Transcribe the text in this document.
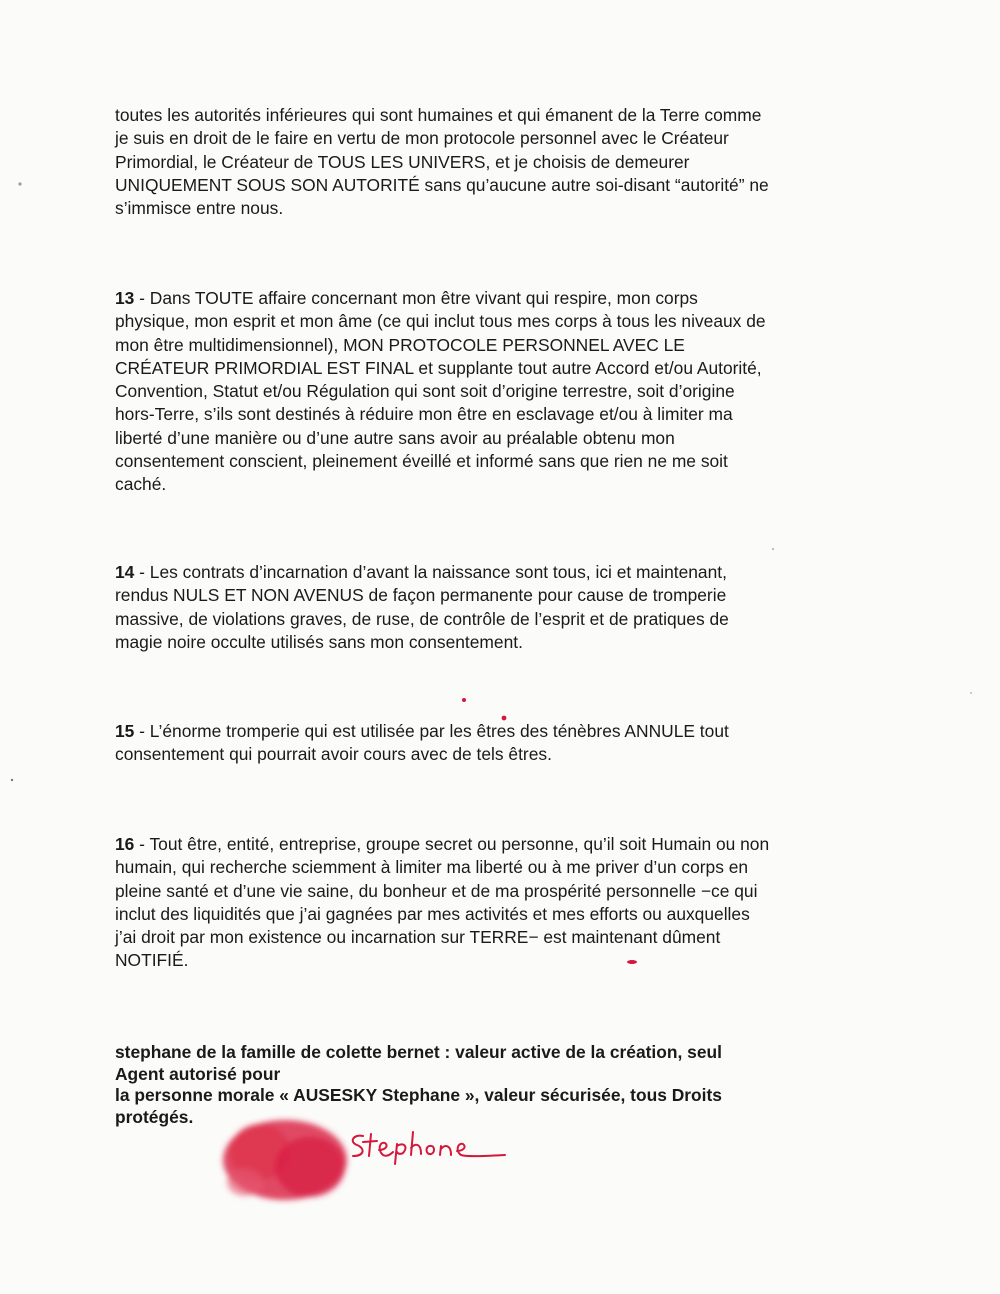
toutes les autorités inférieures qui sont humaines et qui émanent de la Terre comme
je suis en droit de le faire en vertu de mon protocole personnel avec le Créateur
Primordial, le Créateur de TOUS LES UNIVERS, et je choisis de demeurer
UNIQUEMENT SOUS SON AUTORITÉ sans qu’aucune autre soi-disant “autorité” ne
s’immisce entre nous.
13 - Dans TOUTE affaire concernant mon être vivant qui respire, mon corps
physique, mon esprit et mon âme (ce qui inclut tous mes corps à tous les niveaux de
mon être multidimensionnel), MON PROTOCOLE PERSONNEL AVEC LE
CRÉATEUR PRIMORDIAL EST FINAL et supplante tout autre Accord et/ou Autorité,
Convention, Statut et/ou Régulation qui sont soit d’origine terrestre, soit d’origine
hors-Terre, s’ils sont destinés à réduire mon être en esclavage et/ou à limiter ma
liberté d’une manière ou d’une autre sans avoir au préalable obtenu mon
consentement conscient, pleinement éveillé et informé sans que rien ne me soit
caché.
14 - Les contrats d’incarnation d’avant la naissance sont tous, ici et maintenant,
rendus NULS ET NON AVENUS de façon permanente pour cause de tromperie
massive, de violations graves, de ruse, de contrôle de l’esprit et de pratiques de
magie noire occulte utilisés sans mon consentement.
15 - L’énorme tromperie qui est utilisée par les êtres des ténèbres ANNULE tout
consentement qui pourrait avoir cours avec de tels êtres.
16 - Tout être, entité, entreprise, groupe secret ou personne, qu’il soit Humain ou non
humain, qui recherche sciemment à limiter ma liberté ou à me priver d’un corps en
pleine santé et d’une vie saine, du bonheur et de ma prospérité personnelle −ce qui
inclut des liquidités que j’ai gagnées par mes activités et mes efforts ou auxquelles
j’ai droit par mon existence ou incarnation sur TERRE− est maintenant dûment
NOTIFIÉ.
stephane de la famille de colette bernet : valeur active de la création, seul
Agent autorisé pour
la personne morale « AUSESKY Stephane », valeur sécurisée, tous Droits
protégés.
